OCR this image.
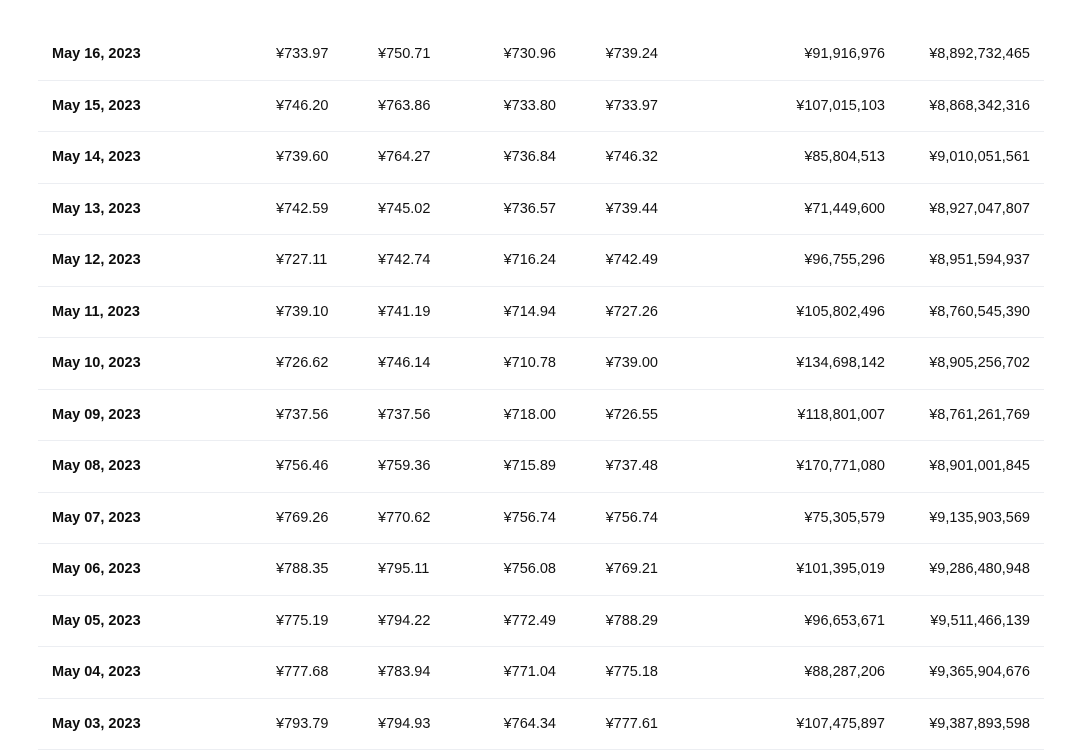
May 16, 2023	¥733.97	¥750.71	¥730.96	¥739.24	¥91,916,976	¥8,892,732,465
May 15, 2023	¥746.20	¥763.86	¥733.80	¥733.97	¥107,015,103	¥8,868,342,316
May 14, 2023	¥739.60	¥764.27	¥736.84	¥746.32	¥85,804,513	¥9,010,051,561
May 13, 2023	¥742.59	¥745.02	¥736.57	¥739.44	¥71,449,600	¥8,927,047,807
May 12, 2023	¥727.11	¥742.74	¥716.24	¥742.49	¥96,755,296	¥8,951,594,937
May 11, 2023	¥739.10	¥741.19	¥714.94	¥727.26	¥105,802,496	¥8,760,545,390
May 10, 2023	¥726.62	¥746.14	¥710.78	¥739.00	¥134,698,142	¥8,905,256,702
May 09, 2023	¥737.56	¥737.56	¥718.00	¥726.55	¥118,801,007	¥8,761,261,769
May 08, 2023	¥756.46	¥759.36	¥715.89	¥737.48	¥170,771,080	¥8,901,001,845
May 07, 2023	¥769.26	¥770.62	¥756.74	¥756.74	¥75,305,579	¥9,135,903,569
May 06, 2023	¥788.35	¥795.11	¥756.08	¥769.21	¥101,395,019	¥9,286,480,948
May 05, 2023	¥775.19	¥794.22	¥772.49	¥788.29	¥96,653,671	¥9,511,466,139
May 04, 2023	¥777.68	¥783.94	¥771.04	¥775.18	¥88,287,206	¥9,365,904,676
May 03, 2023	¥793.79	¥794.93	¥764.34	¥777.61	¥107,475,897	¥9,387,893,598
